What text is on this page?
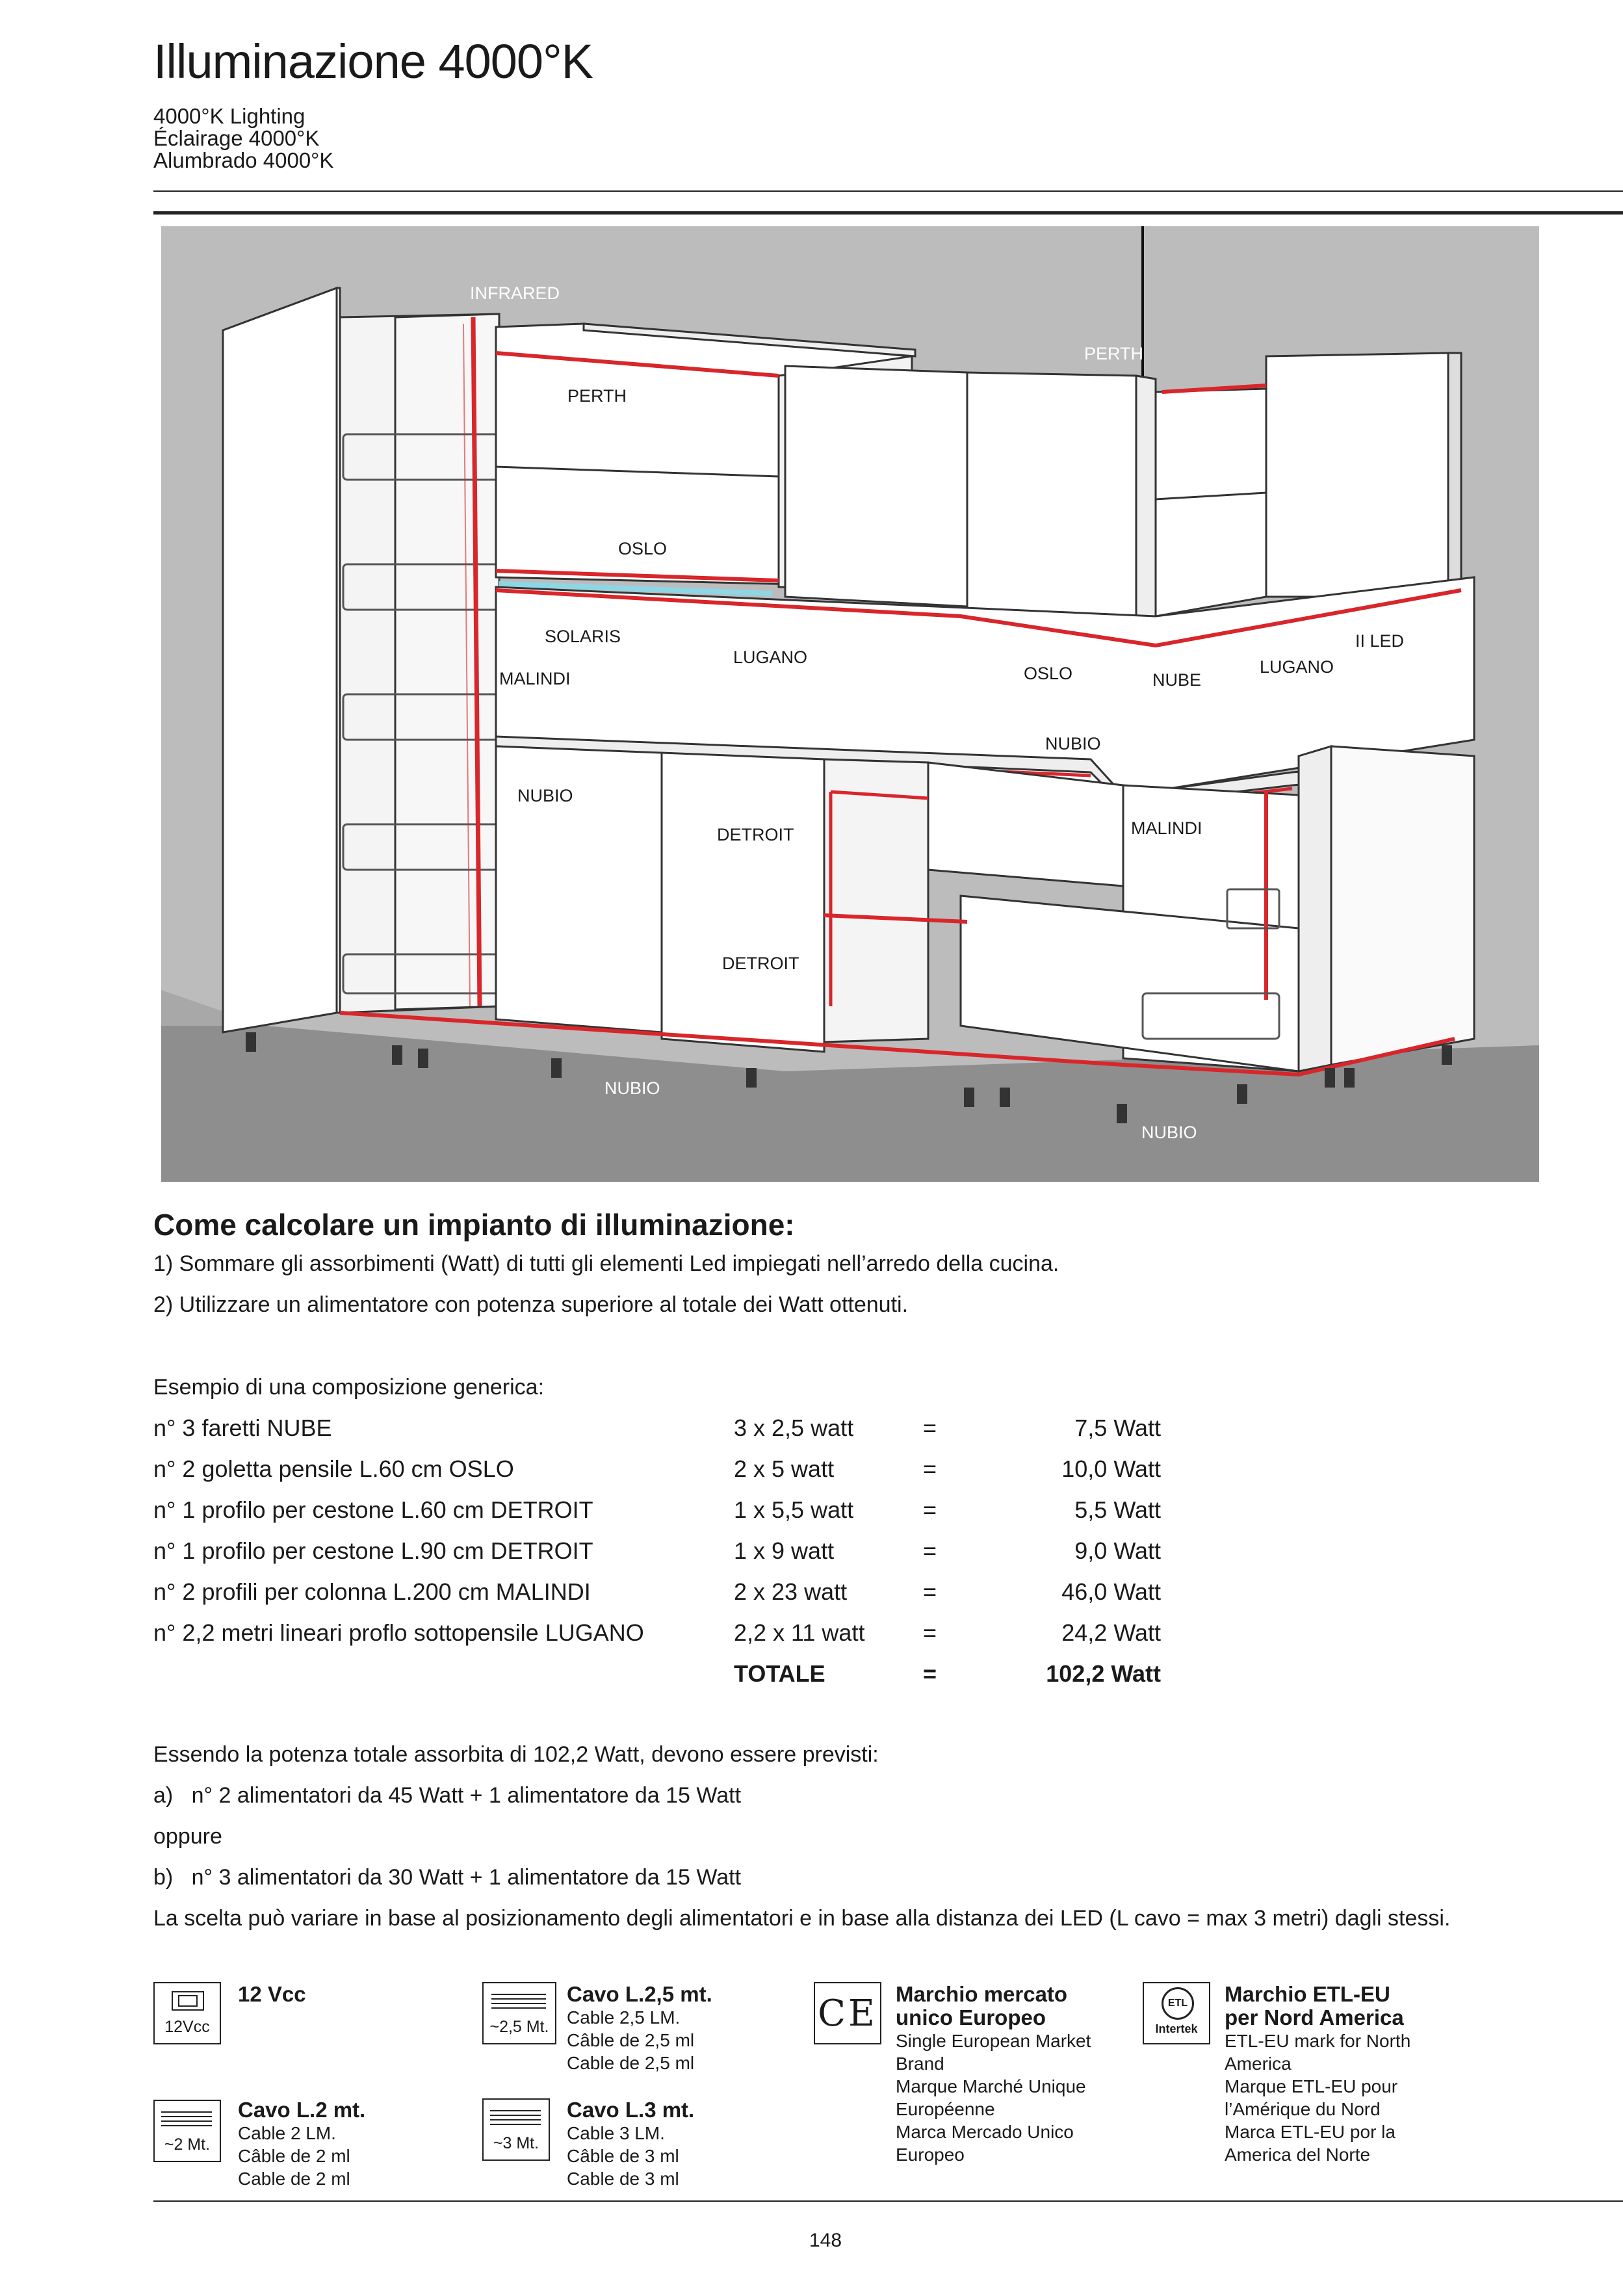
Illuminazione 4000°K
4000°K Lighting
Éclairage 4000°K
Alumbrado 4000°K
INFRARED
PERTH
PERTH
OSLO
SOLARIS
MALINDI
LUGANO
OSLO	NUBE
LUGANO
II LED
NUBIO
NUBIO
DETROIT	MALINDI
DETROIT
NUBIO
NUBIO
Come calcolare un impianto di illuminazione:
1) Sommare gli assorbimenti (Watt) di tutti gli elementi Led impiegati nell’arredo della cucina.
2) Utilizzare un alimentatore con potenza superiore al totale dei Watt ottenuti.
Esempio di una composizione generica:
n° 3 faretti NUBE	3 x 2,5 watt	=	7,5 Watt
n° 2 goletta pensile L.60 cm OSLO	2 x 5 watt	=	10,0 Watt
n° 1 profilo per cestone L.60 cm DETROIT	1 x 5,5 watt	=	5,5 Watt
n° 1 profilo per cestone L.90 cm DETROIT	1 x 9 watt	=	9,0 Watt
n° 2 profili per colonna L.200 cm MALINDI	2 x 23 watt	=	46,0 Watt
n° 2,2 metri lineari proflo sottopensile LUGANO	2,2 x 11 watt =	24,2 Watt
TOTALE	=	102,2 Watt
Essendo la potenza totale assorbita di 102,2 Watt, devono essere previsti:
a)   n° 2 alimentatori da 45 Watt + 1 alimentatore da 15 Watt
oppure
b)   n° 3 alimentatori da 30 Watt + 1 alimentatore da 15 Watt
La scelta può variare in base al posizionamento degli alimentatori e in base alla distanza dei LED (L cavo = max 3 metri) dagli stessi.
12Vcc
12 Vcc
~2 Mt.
Cavo L.2 mt.
Cable 2 LM.
Câble de 2 ml
Cable de 2 ml
~2,5 Mt.
Cavo L.2,5 mt.
Cable 2,5 LM.
Câble de 2,5 ml
Cable de 2,5 ml
~3 Mt.
Cavo L.3 mt.
Cable 3 LM.
Câble de 3 ml
Cable de 3 ml
CE Marchio mercato
unico Europeo
Single European Market
Brand
Marque Marché Unique
Européenne
Marca Mercado Unico
Europeo
ETL
Intertek
Marchio ETL-EU
per Nord America
ETL-EU mark for North
America
Marque ETL-EU pour
l’Amérique du Nord
Marca ETL-EU por la
America del Norte
148
